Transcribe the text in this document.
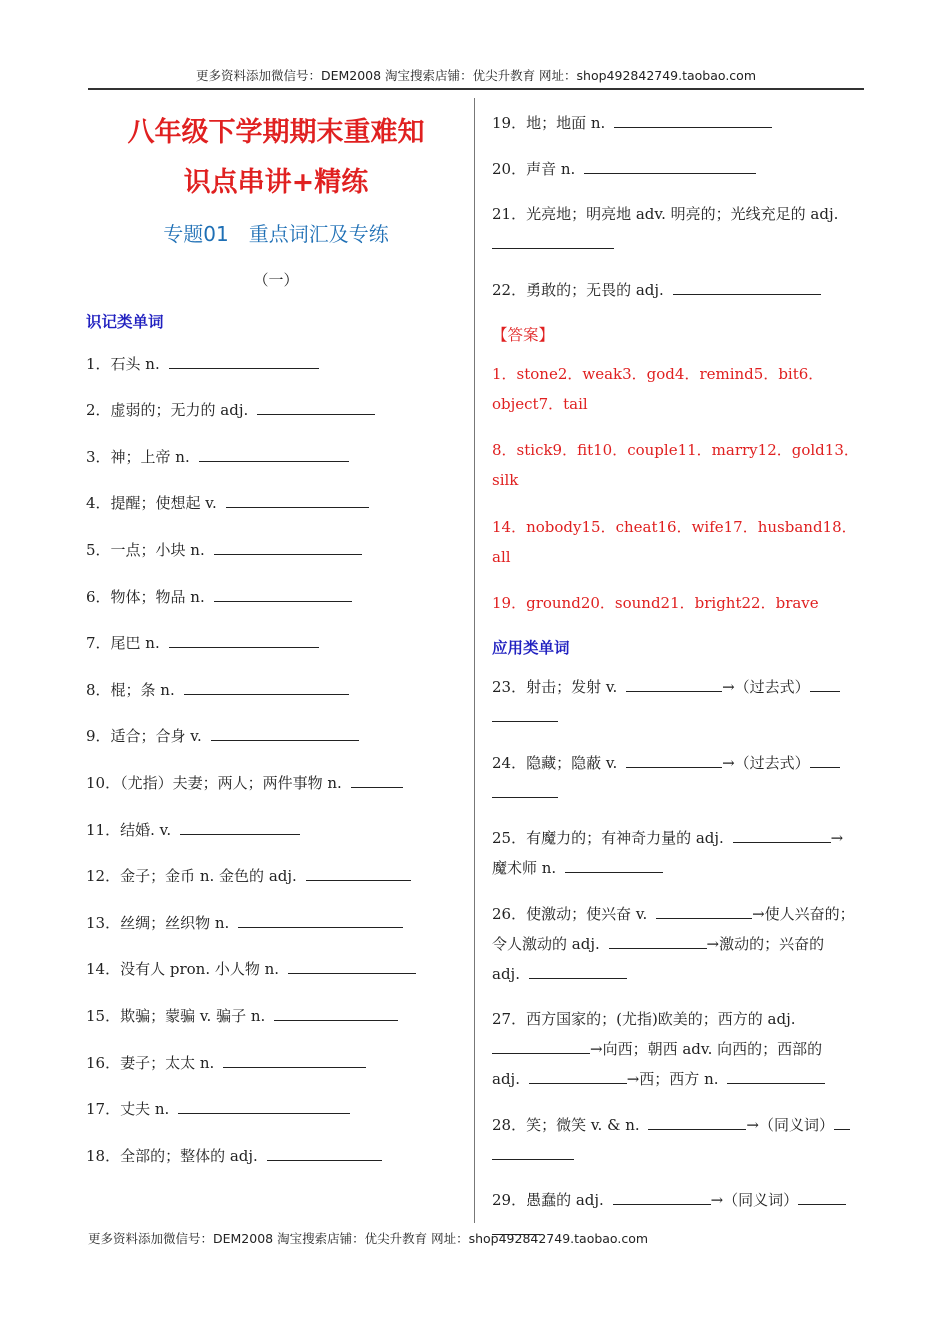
更多资料添加微信号：DEM2008 淘宝搜索店铺：优尖升教育 网址：shop492842749.taobao.com
八年级下学期期末重难知
识点串讲+精练
专题01　重点词汇及专练
（一）
识记类单词
1．石头 n.
2．虚弱的；无力的 adj.
3．神；上帝 n.
4．提醒；使想起 v.
5．一点；小块 n.
6．物体；物品 n.
7．尾巴 n.
8．棍；条 n.
9．适合；合身 v.
10．（尤指）夫妻；两人；两件事物 n.
11．结婚. v.
12．金子；金币 n. 金色的 adj.
13．丝绸；丝织物 n.
14．没有人 pron. 小人物 n.
15．欺骗；蒙骗 v. 骗子 n.
16．妻子；太太 n.
17．丈夫 n.
18．全部的；整体的 adj.
19．地；地面 n.
20．声音 n.
21．光亮地；明亮地 adv. 明亮的；光线充足的 adj.

22．勇敢的；无畏的 adj.
【答案】
1．stone2．weak3．god4．remind5．bit6．
object7．tail
8．stick9．fit10．couple11．marry12．gold13．silk
14．nobody15．cheat16．wife17．husband18．all
19．ground20．sound21．bright22．brave
应用类单词
23．射击；发射 v.	→（过去式）

24．隐藏；隐蔽 v.	→（过去式）

25．有魔力的；有神奇力量的 adj.	→
魔术师 n.
26．使激动；使兴奋 v.	→使人兴奋的；
令人激动的 adj.	→激动的；兴奋的
adj.
27．西方国家的；(尤指)欧美的；西方的 adj.
→向西；朝西 adv. 向西的；西部的
adj.	→西；西方 n.
28．笑；微笑 v. & n.	→（同义词）

29．愚蠢的 adj.	→（同义词）

更多资料添加微信号：DEM2008 淘宝搜索店铺：优尖升教育 网址：shop492842749.taobao.com
